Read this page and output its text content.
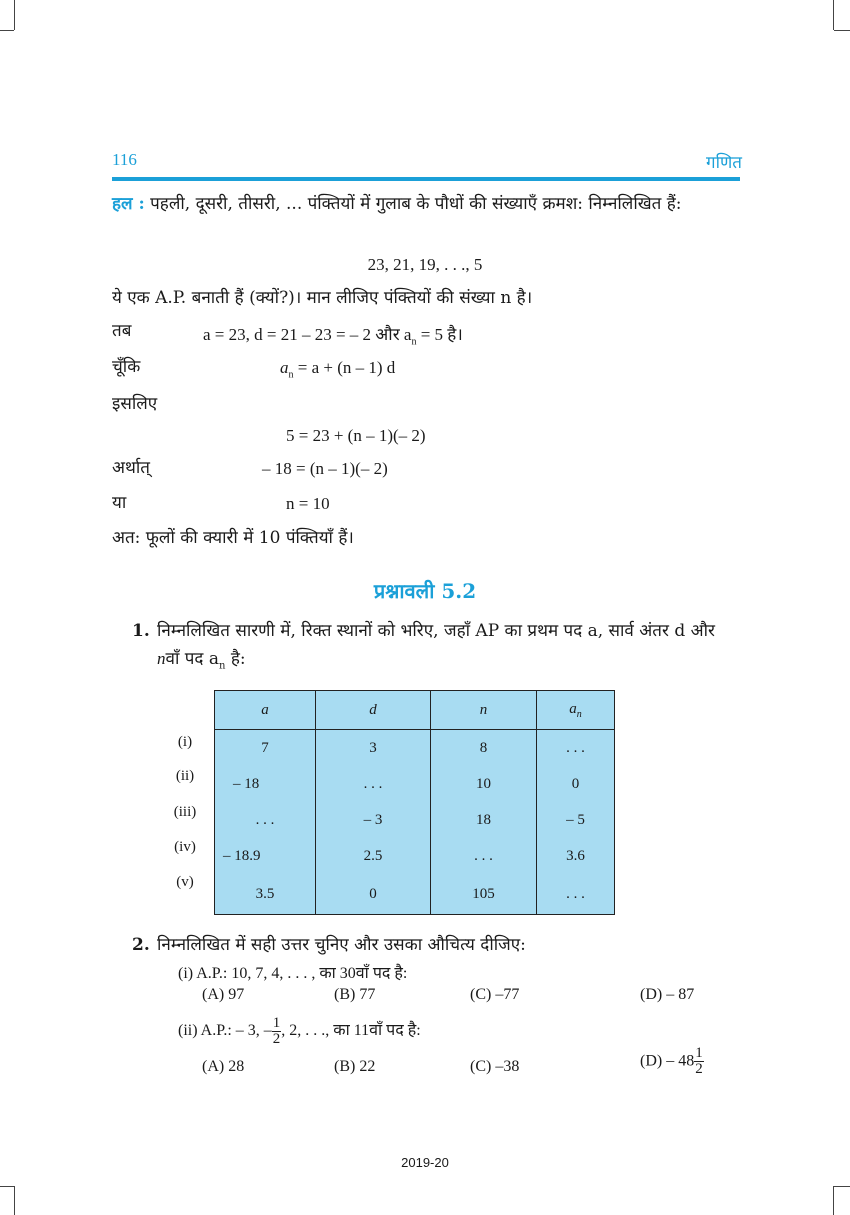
116	गणित
हल : पहली, दूसरी, तीसरी, ... पंक्तियों में गुलाब के पौधों की संख्याएँ क्रमश: निम्नलिखित हैं:
23, 21, 19, . . ., 5
ये एक A.P. बनाती हैं (क्यों?)। मान लीजिए पंक्तियों की संख्या n है।
तब	a = 23, d = 21 – 23 = – 2 और $a_n = 5$ है।
चूँकि	$a_n = a + (n - 1)$ d
इसलिए
5 = 23 + (n – 1)(– 2)
अर्थात्	– 18 = (n – 1)(– 2)
या	n = 10
अत: फूलों की क्यारी में 10 पंक्तियाँ हैं।
प्रश्नावली 5.2
1. निम्नलिखित सारणी में, रिक्त स्थानों को भरिए, जहाँ AP का प्रथम पद a, सार्व अंतर d और
nवाँ पद $a_n$ है:
a	d	n	$a_n$
7	3	8	. . .
– 18	. . .	10	0
. . .	– 3	18	– 5
– 18.9	2.5	. . .	3.6
3.5	0	105	. . .
(i)
(ii)
(iii)
(iv)
(v)
2. निम्नलिखित में सही उत्तर चुनिए और उसका औचित्य दीजिए:
(i) A.P.: 10, 7, 4, . . . , का 30वाँ पद है:
(A) 97	(B) 77	(C) –77	(D) – 87
(ii) A.P.: – 3, – $\frac{1}{2}$ , 2, . . ., का 11वाँ पद है:
(A) 28	(B) 22	(C) –38	$(D) - 48 \frac{1}{2}$
2019-20
